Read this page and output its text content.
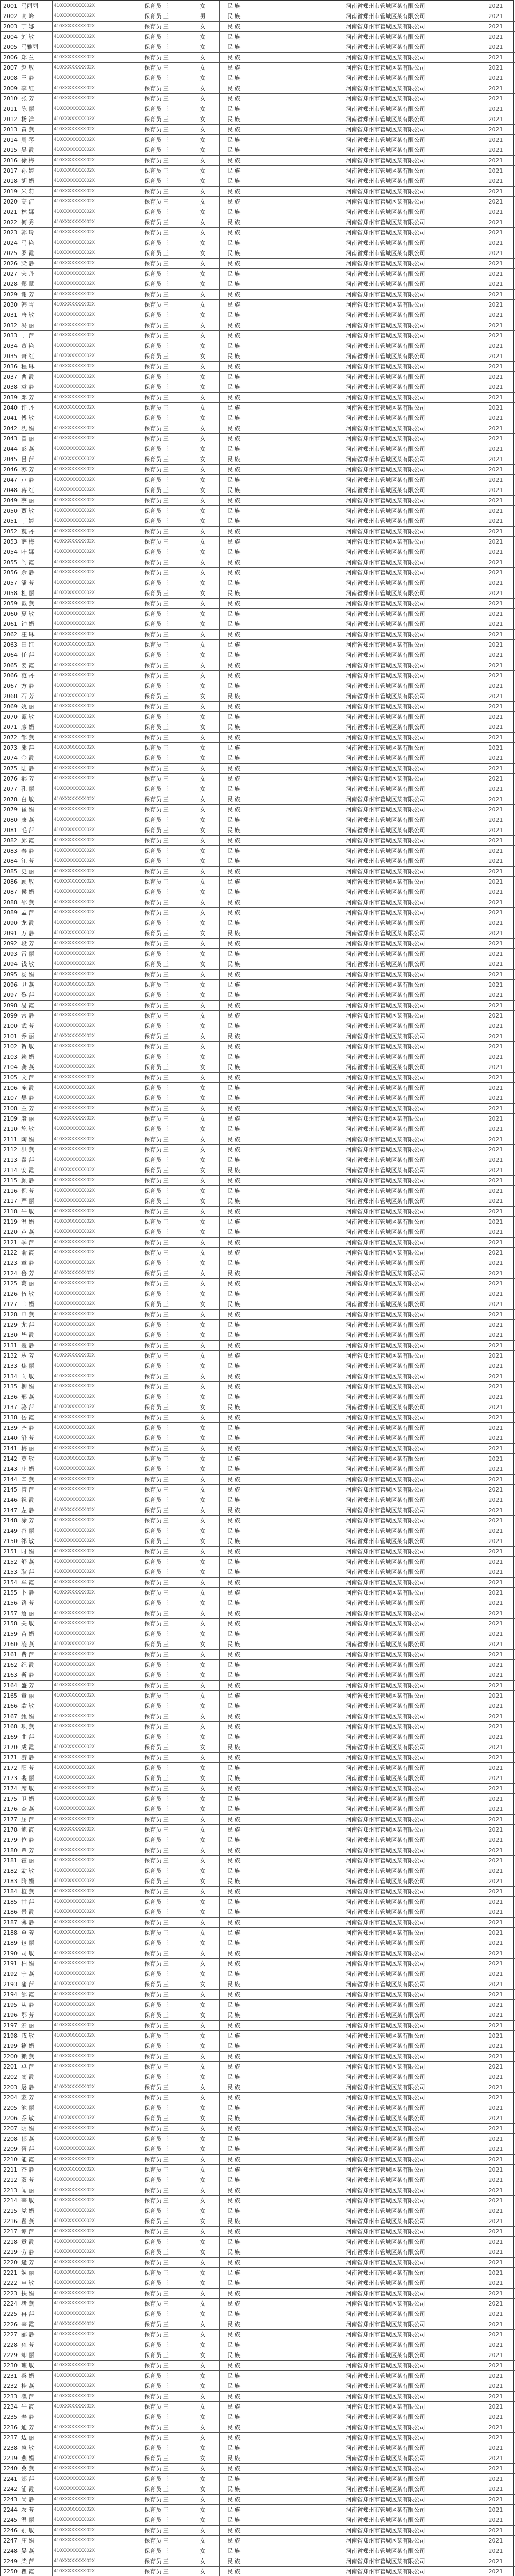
2001	马丽丽	410XXXXXXXX02X	保育员 三	女	民 族	河南省郑州市管城区某有限公司	2021
2002	高 峰	410XXXXXXXX02X	保育员 三	男	民 族	河南省郑州市管城区某有限公司	2021
2003	丁 娜	410XXXXXXXX02X	保育员 三	女	民 族	河南省郑州市管城区某有限公司	2021
2004	刘 敏	410XXXXXXXX02X	保育员 三	女	民 族	河南省郑州市管城区某有限公司	2021
2005	马雅丽	410XXXXXXXX02X	保育员 三	女	民 族	河南省郑州市管城区某有限公司	2021
2006	郑 兰	410XXXXXXXX02X	保育员 三	女	民 族	河南省郑州市管城区某有限公司	2021
2007	赵 敏	410XXXXXXXX02X	保育员 三	女	民 族	河南省郑州市管城区某有限公司	2021
2008	王 静	410XXXXXXXX02X	保育员 三	女	民 族	河南省郑州市管城区某有限公司	2021
2009	李 红	410XXXXXXXX02X	保育员 三	女	民 族	河南省郑州市管城区某有限公司	2021
2010	张 芳	410XXXXXXXX02X	保育员 三	女	民 族	河南省郑州市管城区某有限公司	2021
2011	陈 丽	410XXXXXXXX02X	保育员 三	女	民 族	河南省郑州市管城区某有限公司	2021
2012	杨 洋	410XXXXXXXX02X	保育员 三	女	民 族	河南省郑州市管城区某有限公司	2021
2013	黄 燕	410XXXXXXXX02X	保育员 三	女	民 族	河南省郑州市管城区某有限公司	2021
2014	周 琴	410XXXXXXXX02X	保育员 三	女	民 族	河南省郑州市管城区某有限公司	2021
2015	吴 霞	410XXXXXXXX02X	保育员 三	女	民 族	河南省郑州市管城区某有限公司	2021
2016	徐 梅	410XXXXXXXX02X	保育员 三	女	民 族	河南省郑州市管城区某有限公司	2021
2017	孙 婷	410XXXXXXXX02X	保育员 三	女	民 族	河南省郑州市管城区某有限公司	2021
2018	胡 娟	410XXXXXXXX02X	保育员 三	女	民 族	河南省郑州市管城区某有限公司	2021
2019	朱 莉	410XXXXXXXX02X	保育员 三	女	民 族	河南省郑州市管城区某有限公司	2021
2020	高 洁	410XXXXXXXX02X	保育员 三	女	民 族	河南省郑州市管城区某有限公司	2021
2021	林 娜	410XXXXXXXX02X	保育员 三	女	民 族	河南省郑州市管城区某有限公司	2021
2022	何 秀	410XXXXXXXX02X	保育员 三	女	民 族	河南省郑州市管城区某有限公司	2021
2023	郭 玲	410XXXXXXXX02X	保育员 三	女	民 族	河南省郑州市管城区某有限公司	2021
2024	马 艳	410XXXXXXXX02X	保育员 三	女	民 族	河南省郑州市管城区某有限公司	2021
2025	罗 霞	410XXXXXXXX02X	保育员 三	女	民 族	河南省郑州市管城区某有限公司	2021
2026	梁 静	410XXXXXXXX02X	保育员 三	女	民 族	河南省郑州市管城区某有限公司	2021
2027	宋 丹	410XXXXXXXX02X	保育员 三	女	民 族	河南省郑州市管城区某有限公司	2021
2028	郑 慧	410XXXXXXXX02X	保育员 三	女	民 族	河南省郑州市管城区某有限公司	2021
2029	谢 芳	410XXXXXXXX02X	保育员 三	女	民 族	河南省郑州市管城区某有限公司	2021
2030	韩 雪	410XXXXXXXX02X	保育员 三	女	民 族	河南省郑州市管城区某有限公司	2021
2031	唐 敏	410XXXXXXXX02X	保育员 三	女	民 族	河南省郑州市管城区某有限公司	2021
2032	冯 丽	410XXXXXXXX02X	保育员 三	女	民 族	河南省郑州市管城区某有限公司	2021
2033	于 萍	410XXXXXXXX02X	保育员 三	女	民 族	河南省郑州市管城区某有限公司	2021
2034	董 艳	410XXXXXXXX02X	保育员 三	女	民 族	河南省郑州市管城区某有限公司	2021
2035	萧 红	410XXXXXXXX02X	保育员 三	女	民 族	河南省郑州市管城区某有限公司	2021
2036	程 琳	410XXXXXXXX02X	保育员 三	女	民 族	河南省郑州市管城区某有限公司	2021
2037	曹 霞	410XXXXXXXX02X	保育员 三	女	民 族	河南省郑州市管城区某有限公司	2021
2038	袁 静	410XXXXXXXX02X	保育员 三	女	民 族	河南省郑州市管城区某有限公司	2021
2039	邓 芳	410XXXXXXXX02X	保育员 三	女	民 族	河南省郑州市管城区某有限公司	2021
2040	许 丹	410XXXXXXXX02X	保育员 三	女	民 族	河南省郑州市管城区某有限公司	2021
2041	傅 敏	410XXXXXXXX02X	保育员 三	女	民 族	河南省郑州市管城区某有限公司	2021
2042	沈 娟	410XXXXXXXX02X	保育员 三	女	民 族	河南省郑州市管城区某有限公司	2021
2043	曾 丽	410XXXXXXXX02X	保育员 三	女	民 族	河南省郑州市管城区某有限公司	2021
2044	彭 燕	410XXXXXXXX02X	保育员 三	女	民 族	河南省郑州市管城区某有限公司	2021
2045	吕 萍	410XXXXXXXX02X	保育员 三	女	民 族	河南省郑州市管城区某有限公司	2021
2046	苏 芳	410XXXXXXXX02X	保育员 三	女	民 族	河南省郑州市管城区某有限公司	2021
2047	卢 静	410XXXXXXXX02X	保育员 三	女	民 族	河南省郑州市管城区某有限公司	2021
2048	蒋 红	410XXXXXXXX02X	保育员 三	女	民 族	河南省郑州市管城区某有限公司	2021
2049	蔡 丽	410XXXXXXXX02X	保育员 三	女	民 族	河南省郑州市管城区某有限公司	2021
2050	贾 敏	410XXXXXXXX02X	保育员 三	女	民 族	河南省郑州市管城区某有限公司	2021
2051	丁 婷	410XXXXXXXX02X	保育员 三	女	民 族	河南省郑州市管城区某有限公司	2021
2052	魏 丹	410XXXXXXXX02X	保育员 三	女	民 族	河南省郑州市管城区某有限公司	2021
2053	薛 梅	410XXXXXXXX02X	保育员 三	女	民 族	河南省郑州市管城区某有限公司	2021
2054	叶 娜	410XXXXXXXX02X	保育员 三	女	民 族	河南省郑州市管城区某有限公司	2021
2055	阎 霞	410XXXXXXXX02X	保育员 三	女	民 族	河南省郑州市管城区某有限公司	2021
2056	余 静	410XXXXXXXX02X	保育员 三	女	民 族	河南省郑州市管城区某有限公司	2021
2057	潘 芳	410XXXXXXXX02X	保育员 三	女	民 族	河南省郑州市管城区某有限公司	2021
2058	杜 丽	410XXXXXXXX02X	保育员 三	女	民 族	河南省郑州市管城区某有限公司	2021
2059	戴 燕	410XXXXXXXX02X	保育员 三	女	民 族	河南省郑州市管城区某有限公司	2021
2060	夏 敏	410XXXXXXXX02X	保育员 三	女	民 族	河南省郑州市管城区某有限公司	2021
2061	钟 娟	410XXXXXXXX02X	保育员 三	女	民 族	河南省郑州市管城区某有限公司	2021
2062	汪 琳	410XXXXXXXX02X	保育员 三	女	民 族	河南省郑州市管城区某有限公司	2021
2063	田 红	410XXXXXXXX02X	保育员 三	女	民 族	河南省郑州市管城区某有限公司	2021
2064	任 萍	410XXXXXXXX02X	保育员 三	女	民 族	河南省郑州市管城区某有限公司	2021
2065	姜 霞	410XXXXXXXX02X	保育员 三	女	民 族	河南省郑州市管城区某有限公司	2021
2066	范 丹	410XXXXXXXX02X	保育员 三	女	民 族	河南省郑州市管城区某有限公司	2021
2067	方 静	410XXXXXXXX02X	保育员 三	女	民 族	河南省郑州市管城区某有限公司	2021
2068	石 芳	410XXXXXXXX02X	保育员 三	女	民 族	河南省郑州市管城区某有限公司	2021
2069	姚 丽	410XXXXXXXX02X	保育员 三	女	民 族	河南省郑州市管城区某有限公司	2021
2070	谭 敏	410XXXXXXXX02X	保育员 三	女	民 族	河南省郑州市管城区某有限公司	2021
2071	廖 娟	410XXXXXXXX02X	保育员 三	女	民 族	河南省郑州市管城区某有限公司	2021
2072	邹 燕	410XXXXXXXX02X	保育员 三	女	民 族	河南省郑州市管城区某有限公司	2021
2073	熊 萍	410XXXXXXXX02X	保育员 三	女	民 族	河南省郑州市管城区某有限公司	2021
2074	金 霞	410XXXXXXXX02X	保育员 三	女	民 族	河南省郑州市管城区某有限公司	2021
2075	陆 静	410XXXXXXXX02X	保育员 三	女	民 族	河南省郑州市管城区某有限公司	2021
2076	郝 芳	410XXXXXXXX02X	保育员 三	女	民 族	河南省郑州市管城区某有限公司	2021
2077	孔 丽	410XXXXXXXX02X	保育员 三	女	民 族	河南省郑州市管城区某有限公司	2021
2078	白 敏	410XXXXXXXX02X	保育员 三	女	民 族	河南省郑州市管城区某有限公司	2021
2079	崔 娟	410XXXXXXXX02X	保育员 三	女	民 族	河南省郑州市管城区某有限公司	2021
2080	康 燕	410XXXXXXXX02X	保育员 三	女	民 族	河南省郑州市管城区某有限公司	2021
2081	毛 萍	410XXXXXXXX02X	保育员 三	女	民 族	河南省郑州市管城区某有限公司	2021
2082	邱 霞	410XXXXXXXX02X	保育员 三	女	民 族	河南省郑州市管城区某有限公司	2021
2083	秦 静	410XXXXXXXX02X	保育员 三	女	民 族	河南省郑州市管城区某有限公司	2021
2084	江 芳	410XXXXXXXX02X	保育员 三	女	民 族	河南省郑州市管城区某有限公司	2021
2085	史 丽	410XXXXXXXX02X	保育员 三	女	民 族	河南省郑州市管城区某有限公司	2021
2086	顾 敏	410XXXXXXXX02X	保育员 三	女	民 族	河南省郑州市管城区某有限公司	2021
2087	侯 娟	410XXXXXXXX02X	保育员 三	女	民 族	河南省郑州市管城区某有限公司	2021
2088	邵 燕	410XXXXXXXX02X	保育员 三	女	民 族	河南省郑州市管城区某有限公司	2021
2089	孟 萍	410XXXXXXXX02X	保育员 三	女	民 族	河南省郑州市管城区某有限公司	2021
2090	龙 霞	410XXXXXXXX02X	保育员 三	女	民 族	河南省郑州市管城区某有限公司	2021
2091	万 静	410XXXXXXXX02X	保育员 三	女	民 族	河南省郑州市管城区某有限公司	2021
2092	段 芳	410XXXXXXXX02X	保育员 三	女	民 族	河南省郑州市管城区某有限公司	2021
2093	雷 丽	410XXXXXXXX02X	保育员 三	女	民 族	河南省郑州市管城区某有限公司	2021
2094	钱 敏	410XXXXXXXX02X	保育员 三	女	民 族	河南省郑州市管城区某有限公司	2021
2095	汤 娟	410XXXXXXXX02X	保育员 三	女	民 族	河南省郑州市管城区某有限公司	2021
2096	尹 燕	410XXXXXXXX02X	保育员 三	女	民 族	河南省郑州市管城区某有限公司	2021
2097	黎 萍	410XXXXXXXX02X	保育员 三	女	民 族	河南省郑州市管城区某有限公司	2021
2098	易 霞	410XXXXXXXX02X	保育员 三	女	民 族	河南省郑州市管城区某有限公司	2021
2099	常 静	410XXXXXXXX02X	保育员 三	女	民 族	河南省郑州市管城区某有限公司	2021
2100	武 芳	410XXXXXXXX02X	保育员 三	女	民 族	河南省郑州市管城区某有限公司	2021
2101	乔 丽	410XXXXXXXX02X	保育员 三	女	民 族	河南省郑州市管城区某有限公司	2021
2102	贺 敏	410XXXXXXXX02X	保育员 三	女	民 族	河南省郑州市管城区某有限公司	2021
2103	赖 娟	410XXXXXXXX02X	保育员 三	女	民 族	河南省郑州市管城区某有限公司	2021
2104	龚 燕	410XXXXXXXX02X	保育员 三	女	民 族	河南省郑州市管城区某有限公司	2021
2105	文 萍	410XXXXXXXX02X	保育员 三	女	民 族	河南省郑州市管城区某有限公司	2021
2106	庞 霞	410XXXXXXXX02X	保育员 三	女	民 族	河南省郑州市管城区某有限公司	2021
2107	樊 静	410XXXXXXXX02X	保育员 三	女	民 族	河南省郑州市管城区某有限公司	2021
2108	兰 芳	410XXXXXXXX02X	保育员 三	女	民 族	河南省郑州市管城区某有限公司	2021
2109	殷 丽	410XXXXXXXX02X	保育员 三	女	民 族	河南省郑州市管城区某有限公司	2021
2110	施 敏	410XXXXXXXX02X	保育员 三	女	民 族	河南省郑州市管城区某有限公司	2021
2111	陶 娟	410XXXXXXXX02X	保育员 三	女	民 族	河南省郑州市管城区某有限公司	2021
2112	洪 燕	410XXXXXXXX02X	保育员 三	女	民 族	河南省郑州市管城区某有限公司	2021
2113	翟 萍	410XXXXXXXX02X	保育员 三	女	民 族	河南省郑州市管城区某有限公司	2021
2114	安 霞	410XXXXXXXX02X	保育员 三	女	民 族	河南省郑州市管城区某有限公司	2021
2115	颜 静	410XXXXXXXX02X	保育员 三	女	民 族	河南省郑州市管城区某有限公司	2021
2116	倪 芳	410XXXXXXXX02X	保育员 三	女	民 族	河南省郑州市管城区某有限公司	2021
2117	严 丽	410XXXXXXXX02X	保育员 三	女	民 族	河南省郑州市管城区某有限公司	2021
2118	牛 敏	410XXXXXXXX02X	保育员 三	女	民 族	河南省郑州市管城区某有限公司	2021
2119	温 娟	410XXXXXXXX02X	保育员 三	女	民 族	河南省郑州市管城区某有限公司	2021
2120	芦 燕	410XXXXXXXX02X	保育员 三	女	民 族	河南省郑州市管城区某有限公司	2021
2121	季 萍	410XXXXXXXX02X	保育员 三	女	民 族	河南省郑州市管城区某有限公司	2021
2122	俞 霞	410XXXXXXXX02X	保育员 三	女	民 族	河南省郑州市管城区某有限公司	2021
2123	章 静	410XXXXXXXX02X	保育员 三	女	民 族	河南省郑州市管城区某有限公司	2021
2124	鲁 芳	410XXXXXXXX02X	保育员 三	女	民 族	河南省郑州市管城区某有限公司	2021
2125	葛 丽	410XXXXXXXX02X	保育员 三	女	民 族	河南省郑州市管城区某有限公司	2021
2126	伍 敏	410XXXXXXXX02X	保育员 三	女	民 族	河南省郑州市管城区某有限公司	2021
2127	韦 娟	410XXXXXXXX02X	保育员 三	女	民 族	河南省郑州市管城区某有限公司	2021
2128	申 燕	410XXXXXXXX02X	保育员 三	女	民 族	河南省郑州市管城区某有限公司	2021
2129	尤 萍	410XXXXXXXX02X	保育员 三	女	民 族	河南省郑州市管城区某有限公司	2021
2130	毕 霞	410XXXXXXXX02X	保育员 三	女	民 族	河南省郑州市管城区某有限公司	2021
2131	聂 静	410XXXXXXXX02X	保育员 三	女	民 族	河南省郑州市管城区某有限公司	2021
2132	丛 芳	410XXXXXXXX02X	保育员 三	女	民 族	河南省郑州市管城区某有限公司	2021
2133	焦 丽	410XXXXXXXX02X	保育员 三	女	民 族	河南省郑州市管城区某有限公司	2021
2134	向 敏	410XXXXXXXX02X	保育员 三	女	民 族	河南省郑州市管城区某有限公司	2021
2135	柳 娟	410XXXXXXXX02X	保育员 三	女	民 族	河南省郑州市管城区某有限公司	2021
2136	邢 燕	410XXXXXXXX02X	保育员 三	女	民 族	河南省郑州市管城区某有限公司	2021
2137	骆 萍	410XXXXXXXX02X	保育员 三	女	民 族	河南省郑州市管城区某有限公司	2021
2138	岳 霞	410XXXXXXXX02X	保育员 三	女	民 族	河南省郑州市管城区某有限公司	2021
2139	齐 静	410XXXXXXXX02X	保育员 三	女	民 族	河南省郑州市管城区某有限公司	2021
2140	沿 芳	410XXXXXXXX02X	保育员 三	女	民 族	河南省郑州市管城区某有限公司	2021
2141	梅 丽	410XXXXXXXX02X	保育员 三	女	民 族	河南省郑州市管城区某有限公司	2021
2142	莫 敏	410XXXXXXXX02X	保育员 三	女	民 族	河南省郑州市管城区某有限公司	2021
2143	庄 娟	410XXXXXXXX02X	保育员 三	女	民 族	河南省郑州市管城区某有限公司	2021
2144	辛 燕	410XXXXXXXX02X	保育员 三	女	民 族	河南省郑州市管城区某有限公司	2021
2145	管 萍	410XXXXXXXX02X	保育员 三	女	民 族	河南省郑州市管城区某有限公司	2021
2146	祝 霞	410XXXXXXXX02X	保育员 三	女	民 族	河南省郑州市管城区某有限公司	2021
2147	左 静	410XXXXXXXX02X	保育员 三	女	民 族	河南省郑州市管城区某有限公司	2021
2148	涂 芳	410XXXXXXXX02X	保育员 三	女	民 族	河南省郑州市管城区某有限公司	2021
2149	谷 丽	410XXXXXXXX02X	保育员 三	女	民 族	河南省郑州市管城区某有限公司	2021
2150	祁 敏	410XXXXXXXX02X	保育员 三	女	民 族	河南省郑州市管城区某有限公司	2021
2151	时 娟	410XXXXXXXX02X	保育员 三	女	民 族	河南省郑州市管城区某有限公司	2021
2152	舒 燕	410XXXXXXXX02X	保育员 三	女	民 族	河南省郑州市管城区某有限公司	2021
2153	耿 萍	410XXXXXXXX02X	保育员 三	女	民 族	河南省郑州市管城区某有限公司	2021
2154	牟 霞	410XXXXXXXX02X	保育员 三	女	民 族	河南省郑州市管城区某有限公司	2021
2155	卜 静	410XXXXXXXX02X	保育员 三	女	民 族	河南省郑州市管城区某有限公司	2021
2156	路 芳	410XXXXXXXX02X	保育员 三	女	民 族	河南省郑州市管城区某有限公司	2021
2157	詹 丽	410XXXXXXXX02X	保育员 三	女	民 族	河南省郑州市管城区某有限公司	2021
2158	关 敏	410XXXXXXXX02X	保育员 三	女	民 族	河南省郑州市管城区某有限公司	2021
2159	苗 娟	410XXXXXXXX02X	保育员 三	女	民 族	河南省郑州市管城区某有限公司	2021
2160	凌 燕	410XXXXXXXX02X	保育员 三	女	民 族	河南省郑州市管城区某有限公司	2021
2161	费 萍	410XXXXXXXX02X	保育员 三	女	民 族	河南省郑州市管城区某有限公司	2021
2162	纪 霞	410XXXXXXXX02X	保育员 三	女	民 族	河南省郑州市管城区某有限公司	2021
2163	靳 静	410XXXXXXXX02X	保育员 三	女	民 族	河南省郑州市管城区某有限公司	2021
2164	盛 芳	410XXXXXXXX02X	保育员 三	女	民 族	河南省郑州市管城区某有限公司	2021
2165	童 丽	410XXXXXXXX02X	保育员 三	女	民 族	河南省郑州市管城区某有限公司	2021
2166	欧 敏	410XXXXXXXX02X	保育员 三	女	民 族	河南省郑州市管城区某有限公司	2021
2167	甄 娟	410XXXXXXXX02X	保育员 三	女	民 族	河南省郑州市管城区某有限公司	2021
2168	项 燕	410XXXXXXXX02X	保育员 三	女	民 族	河南省郑州市管城区某有限公司	2021
2169	曲 萍	410XXXXXXXX02X	保育员 三	女	民 族	河南省郑州市管城区某有限公司	2021
2170	成 霞	410XXXXXXXX02X	保育员 三	女	民 族	河南省郑州市管城区某有限公司	2021
2171	游 静	410XXXXXXXX02X	保育员 三	女	民 族	河南省郑州市管城区某有限公司	2021
2172	阳 芳	410XXXXXXXX02X	保育员 三	女	民 族	河南省郑州市管城区某有限公司	2021
2173	裴 丽	410XXXXXXXX02X	保育员 三	女	民 族	河南省郑州市管城区某有限公司	2021
2174	席 敏	410XXXXXXXX02X	保育员 三	女	民 族	河南省郑州市管城区某有限公司	2021
2175	卫 娟	410XXXXXXXX02X	保育员 三	女	民 族	河南省郑州市管城区某有限公司	2021
2176	查 燕	410XXXXXXXX02X	保育员 三	女	民 族	河南省郑州市管城区某有限公司	2021
2177	屈 萍	410XXXXXXXX02X	保育员 三	女	民 族	河南省郑州市管城区某有限公司	2021
2178	鲍 霞	410XXXXXXXX02X	保育员 三	女	民 族	河南省郑州市管城区某有限公司	2021
2179	位 静	410XXXXXXXX02X	保育员 三	女	民 族	河南省郑州市管城区某有限公司	2021
2180	覃 芳	410XXXXXXXX02X	保育员 三	女	民 族	河南省郑州市管城区某有限公司	2021
2181	霍 丽	410XXXXXXXX02X	保育员 三	女	民 族	河南省郑州市管城区某有限公司	2021
2182	翁 敏	410XXXXXXXX02X	保育员 三	女	民 族	河南省郑州市管城区某有限公司	2021
2183	隋 娟	410XXXXXXXX02X	保育员 三	女	民 族	河南省郑州市管城区某有限公司	2021
2184	植 燕	410XXXXXXXX02X	保育员 三	女	民 族	河南省郑州市管城区某有限公司	2021
2185	甘 萍	410XXXXXXXX02X	保育员 三	女	民 族	河南省郑州市管城区某有限公司	2021
2186	景 霞	410XXXXXXXX02X	保育员 三	女	民 族	河南省郑州市管城区某有限公司	2021
2187	薄 静	410XXXXXXXX02X	保育员 三	女	民 族	河南省郑州市管城区某有限公司	2021
2188	单 芳	410XXXXXXXX02X	保育员 三	女	民 族	河南省郑州市管城区某有限公司	2021
2189	包 丽	410XXXXXXXX02X	保育员 三	女	民 族	河南省郑州市管城区某有限公司	2021
2190	司 敏	410XXXXXXXX02X	保育员 三	女	民 族	河南省郑州市管城区某有限公司	2021
2191	柏 娟	410XXXXXXXX02X	保育员 三	女	民 族	河南省郑州市管城区某有限公司	2021
2192	宁 燕	410XXXXXXXX02X	保育员 三	女	民 族	河南省郑州市管城区某有限公司	2021
2193	蒲 萍	410XXXXXXXX02X	保育员 三	女	民 族	河南省郑州市管城区某有限公司	2021
2194	邰 霞	410XXXXXXXX02X	保育员 三	女	民 族	河南省郑州市管城区某有限公司	2021
2195	从 静	410XXXXXXXX02X	保育员 三	女	民 族	河南省郑州市管城区某有限公司	2021
2196	鄂 芳	410XXXXXXXX02X	保育员 三	女	民 族	河南省郑州市管城区某有限公司	2021
2197	索 丽	410XXXXXXXX02X	保育员 三	女	民 族	河南省郑州市管城区某有限公司	2021
2198	咸 敏	410XXXXXXXX02X	保育员 三	女	民 族	河南省郑州市管城区某有限公司	2021
2199	籍 娟	410XXXXXXXX02X	保育员 三	女	民 族	河南省郑州市管城区某有限公司	2021
2200	赖 燕	410XXXXXXXX02X	保育员 三	女	民 族	河南省郑州市管城区某有限公司	2021
2201	卓 萍	410XXXXXXXX02X	保育员 三	女	民 族	河南省郑州市管城区某有限公司	2021
2202	蔺 霞	410XXXXXXXX02X	保育员 三	女	民 族	河南省郑州市管城区某有限公司	2021
2203	屠 静	410XXXXXXXX02X	保育员 三	女	民 族	河南省郑州市管城区某有限公司	2021
2204	蒙 芳	410XXXXXXXX02X	保育员 三	女	民 族	河南省郑州市管城区某有限公司	2021
2205	池 丽	410XXXXXXXX02X	保育员 三	女	民 族	河南省郑州市管城区某有限公司	2021
2206	乔 敏	410XXXXXXXX02X	保育员 三	女	民 族	河南省郑州市管城区某有限公司	2021
2207	阴 娟	410XXXXXXXX02X	保育员 三	女	民 族	河南省郑州市管城区某有限公司	2021
2208	郁 燕	410XXXXXXXX02X	保育员 三	女	民 族	河南省郑州市管城区某有限公司	2021
2209	胥 萍	410XXXXXXXX02X	保育员 三	女	民 族	河南省郑州市管城区某有限公司	2021
2210	能 霞	410XXXXXXXX02X	保育员 三	女	民 族	河南省郑州市管城区某有限公司	2021
2211	苍 静	410XXXXXXXX02X	保育员 三	女	民 族	河南省郑州市管城区某有限公司	2021
2212	双 芳	410XXXXXXXX02X	保育员 三	女	民 族	河南省郑州市管城区某有限公司	2021
2213	闻 丽	410XXXXXXXX02X	保育员 三	女	民 族	河南省郑州市管城区某有限公司	2021
2214	莘 敏	410XXXXXXXX02X	保育员 三	女	民 族	河南省郑州市管城区某有限公司	2021
2215	党 娟	410XXXXXXXX02X	保育员 三	女	民 族	河南省郑州市管城区某有限公司	2021
2216	翟 燕	410XXXXXXXX02X	保育员 三	女	民 族	河南省郑州市管城区某有限公司	2021
2217	谭 萍	410XXXXXXXX02X	保育员 三	女	民 族	河南省郑州市管城区某有限公司	2021
2218	贡 霞	410XXXXXXXX02X	保育员 三	女	民 族	河南省郑州市管城区某有限公司	2021
2219	劳 静	410XXXXXXXX02X	保育员 三	女	民 族	河南省郑州市管城区某有限公司	2021
2220	逄 芳	410XXXXXXXX02X	保育员 三	女	民 族	河南省郑州市管城区某有限公司	2021
2221	姬 丽	410XXXXXXXX02X	保育员 三	女	民 族	河南省郑州市管城区某有限公司	2021
2222	申 敏	410XXXXXXXX02X	保育员 三	女	民 族	河南省郑州市管城区某有限公司	2021
2223	扶 娟	410XXXXXXXX02X	保育员 三	女	民 族	河南省郑州市管城区某有限公司	2021
2224	堵 燕	410XXXXXXXX02X	保育员 三	女	民 族	河南省郑州市管城区某有限公司	2021
2225	冉 萍	410XXXXXXXX02X	保育员 三	女	民 族	河南省郑州市管城区某有限公司	2021
2226	宰 霞	410XXXXXXXX02X	保育员 三	女	民 族	河南省郑州市管城区某有限公司	2021
2227	郦 静	410XXXXXXXX02X	保育员 三	女	民 族	河南省郑州市管城区某有限公司	2021
2228	雍 芳	410XXXXXXXX02X	保育员 三	女	民 族	河南省郑州市管城区某有限公司	2021
2229	却 丽	410XXXXXXXX02X	保育员 三	女	民 族	河南省郑州市管城区某有限公司	2021
2230	璩 敏	410XXXXXXXX02X	保育员 三	女	民 族	河南省郑州市管城区某有限公司	2021
2231	桑 娟	410XXXXXXXX02X	保育员 三	女	民 族	河南省郑州市管城区某有限公司	2021
2232	桂 燕	410XXXXXXXX02X	保育员 三	女	民 族	河南省郑州市管城区某有限公司	2021
2233	濮 萍	410XXXXXXXX02X	保育员 三	女	民 族	河南省郑州市管城区某有限公司	2021
2234	牛 霞	410XXXXXXXX02X	保育员 三	女	民 族	河南省郑州市管城区某有限公司	2021
2235	寿 静	410XXXXXXXX02X	保育员 三	女	民 族	河南省郑州市管城区某有限公司	2021
2236	通 芳	410XXXXXXXX02X	保育员 三	女	民 族	河南省郑州市管城区某有限公司	2021
2237	边 丽	410XXXXXXXX02X	保育员 三	女	民 族	河南省郑州市管城区某有限公司	2021
2238	扈 敏	410XXXXXXXX02X	保育员 三	女	民 族	河南省郑州市管城区某有限公司	2021
2239	燕 娟	410XXXXXXXX02X	保育员 三	女	民 族	河南省郑州市管城区某有限公司	2021
2240	冀 燕	410XXXXXXXX02X	保育员 三	女	民 族	河南省郑州市管城区某有限公司	2021
2241	郏 萍	410XXXXXXXX02X	保育员 三	女	民 族	河南省郑州市管城区某有限公司	2021
2242	浦 霞	410XXXXXXXX02X	保育员 三	女	民 族	河南省郑州市管城区某有限公司	2021
2243	尚 静	410XXXXXXXX02X	保育员 三	女	民 族	河南省郑州市管城区某有限公司	2021
2244	农 芳	410XXXXXXXX02X	保育员 三	女	民 族	河南省郑州市管城区某有限公司	2021
2245	温 丽	410XXXXXXXX02X	保育员 三	女	民 族	河南省郑州市管城区某有限公司	2021
2246	别 敏	410XXXXXXXX02X	保育员 三	女	民 族	河南省郑州市管城区某有限公司	2021
2247	庄 娟	410XXXXXXXX02X	保育员 三	女	民 族	河南省郑州市管城区某有限公司	2021
2248	晏 燕	410XXXXXXXX02X	保育员 三	女	民 族	河南省郑州市管城区某有限公司	2021
2249	柴 萍	410XXXXXXXX02X	保育员 三	女	民 族	河南省郑州市管城区某有限公司	2021
2250	瞿 霞	410XXXXXXXX02X	保育员 三	女	民 族	河南省郑州市管城区某有限公司	2021
